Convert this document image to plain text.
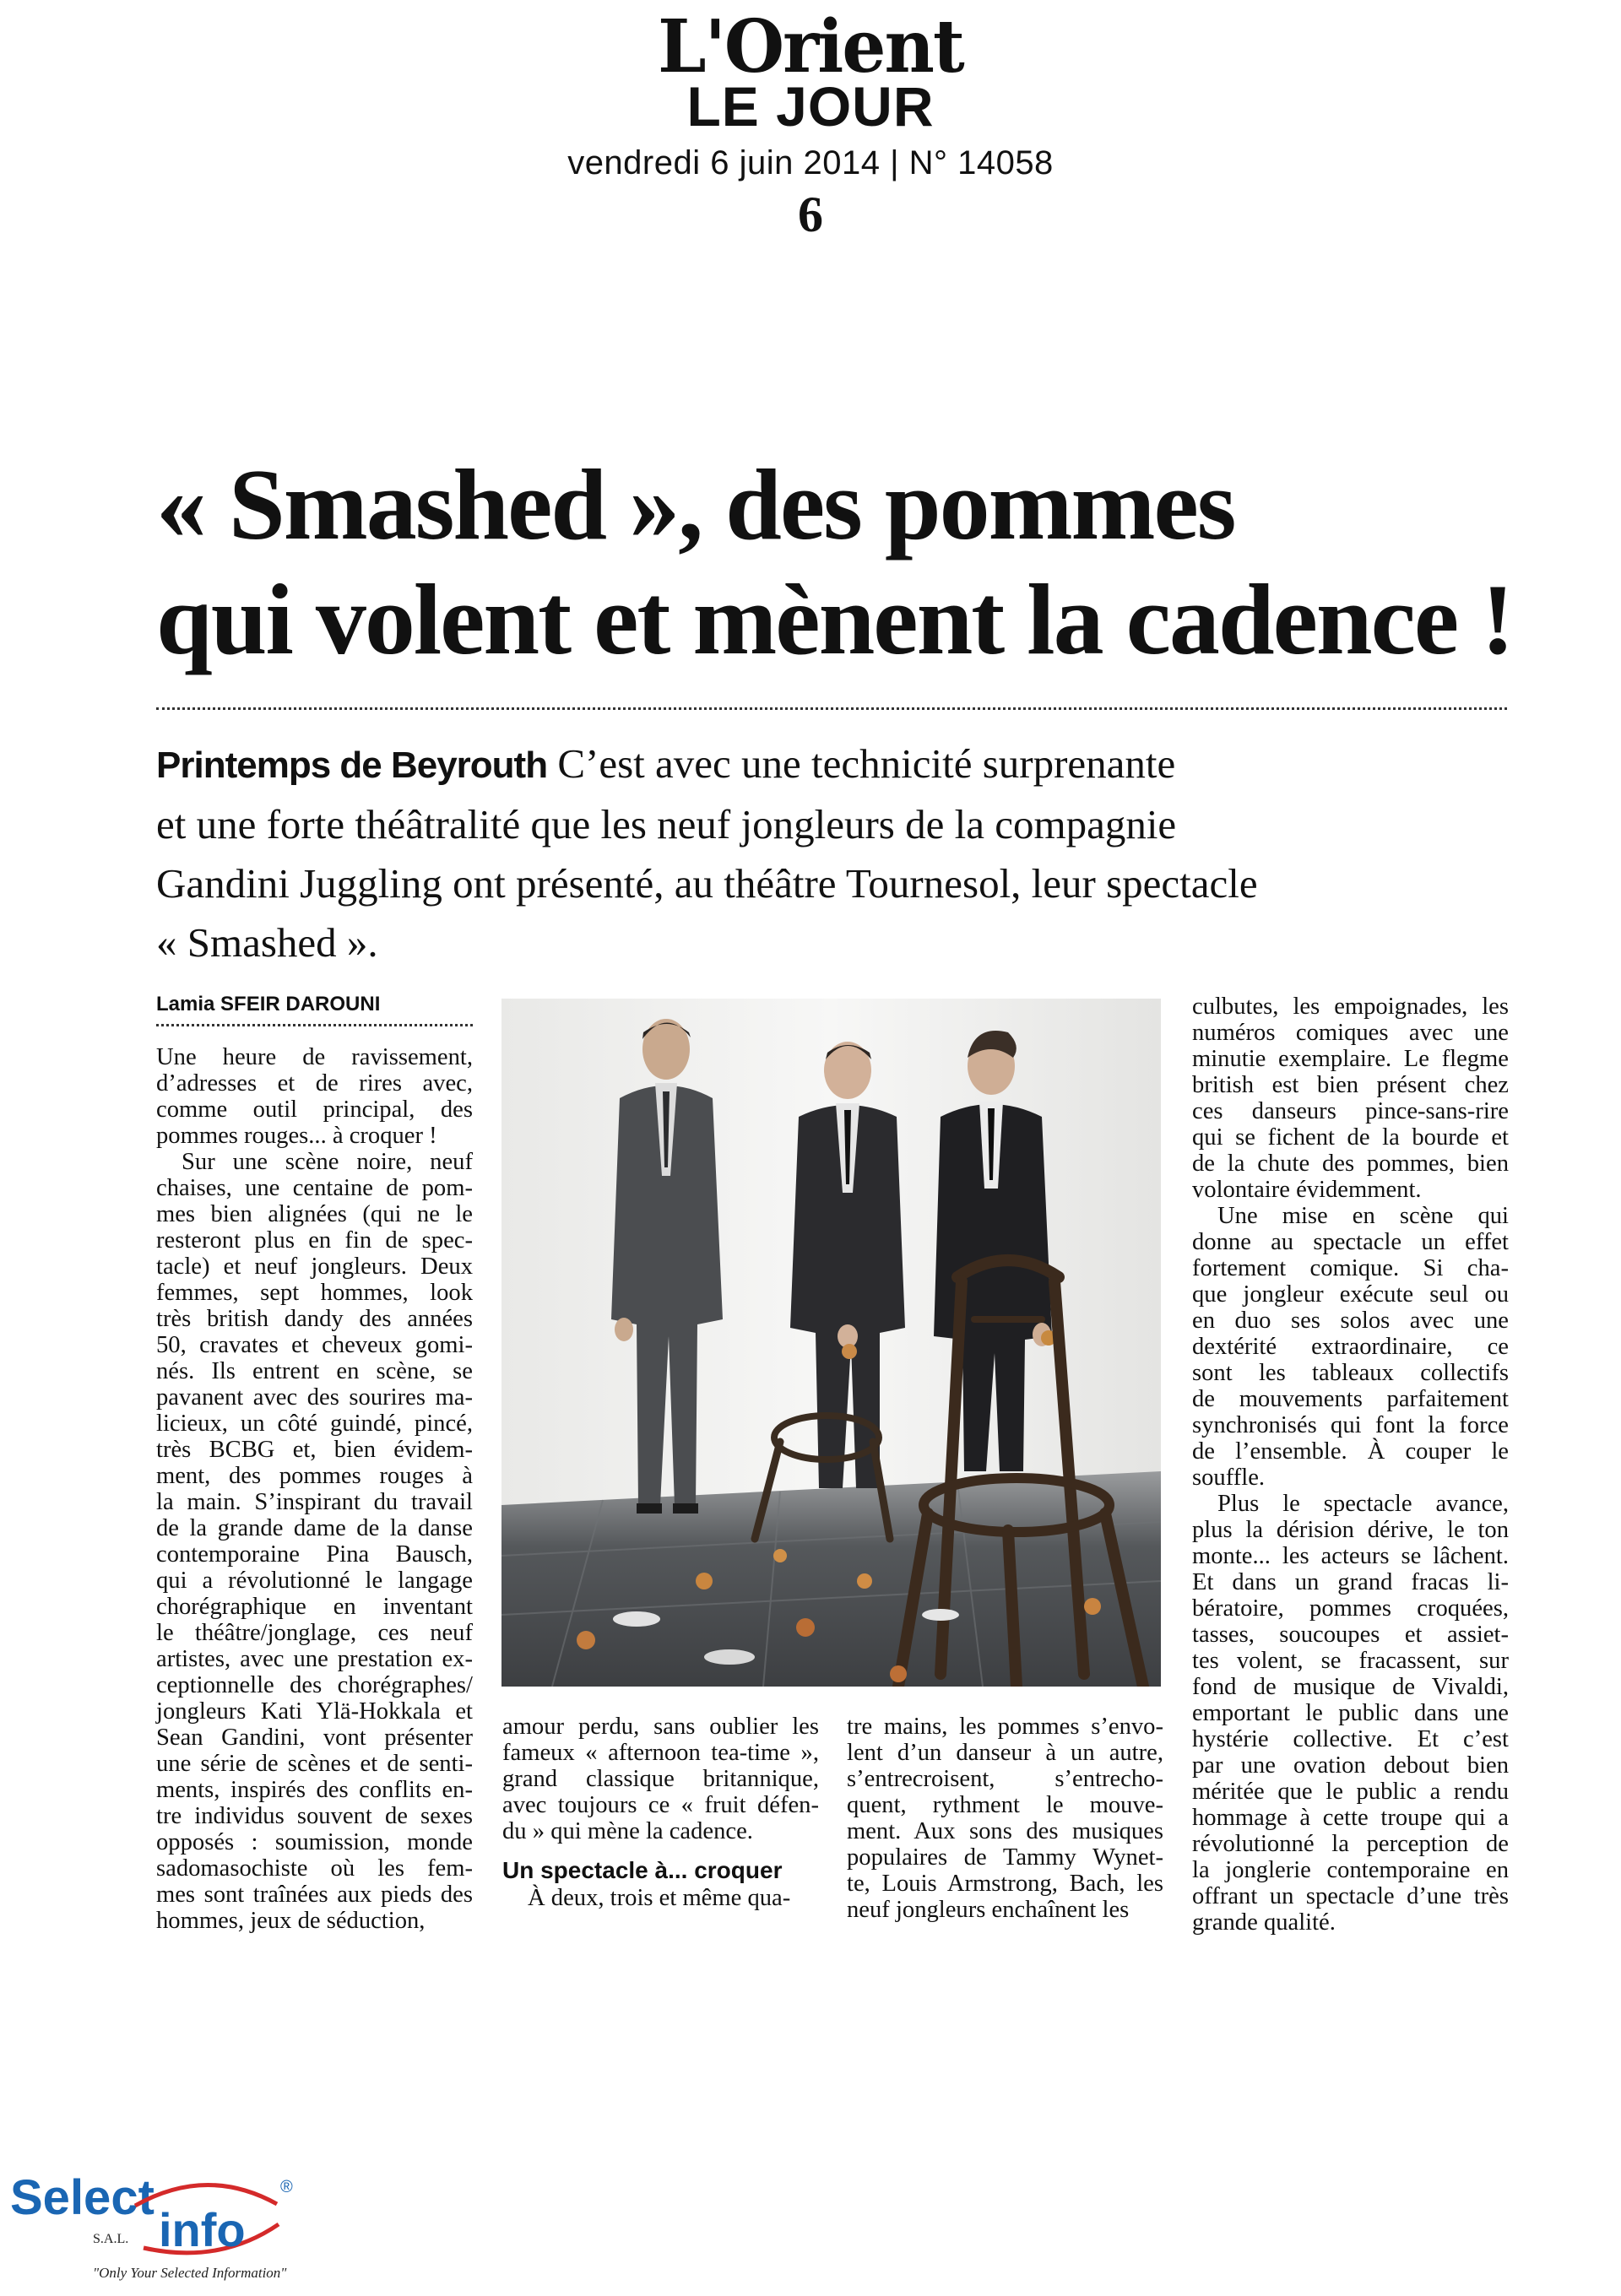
L'Orient
LE JOUR
vendredi 6 juin 2014 | N° 14058
6
« Smashed », des pommes
qui volent et mènent la cadence !
Printemps de Beyrouth C’est avec une technicité surprenante
et une forte théâtralité que les neuf jongleurs de la compagnie
Gandini Juggling ont présenté, au théâtre Tournesol, leur spectacle
« Smashed ».
Lamia SFEIR DAROUNI
Une heure de ravissement,
d’adresses et de rires avec,
comme outil principal, des
pommes rouges... à croquer !
Sur une scène noire, neuf
chaises, une centaine de pom-
mes bien alignées (qui ne le
resteront plus en fin de spec-
tacle) et neuf jongleurs. Deux
femmes, sept hommes, look
très british dandy des années
50, cravates et cheveux gomi-
nés. Ils entrent en scène, se
pavanent avec des sourires ma-
licieux, un côté guindé, pincé,
très BCBG et, bien évidem-
ment, des pommes rouges à
la main. S’inspirant du travail
de la grande dame de la danse
contemporaine Pina Bausch,
qui a révolutionné le langage
chorégraphique en inventant
le théâtre/jonglage, ces neuf
artistes, avec une prestation ex-
ceptionnelle des chorégraphes/
jongleurs Kati Ylä-Hokkala et
Sean Gandini, vont présenter
une série de scènes et de senti-
ments, inspirés des conflits en-
tre individus souvent de sexes
opposés : soumission, monde
sadomasochiste où les fem-
mes sont traînées aux pieds des
hommes, jeux de séduction,
amour perdu, sans oublier les
fameux « afternoon tea-time »,
grand classique britannique,
avec toujours ce « fruit défen-
du » qui mène la cadence.
Un spectacle à... croquer
À deux, trois et même qua-
tre mains, les pommes s’envo-
lent d’un danseur à un autre,
s’entrecroisent, s’entrecho-
quent, rythment le mouve-
ment. Aux sons des musiques
populaires de Tammy Wynet-
te, Louis Armstrong, Bach, les
neuf jongleurs enchaînent les
culbutes, les empoignades, les
numéros comiques avec une
minutie exemplaire. Le flegme
british est bien présent chez
ces danseurs pince-sans-rire
qui se fichent de la bourde et
de la chute des pommes, bien
volontaire évidemment.
Une mise en scène qui
donne au spectacle un effet
fortement comique. Si cha-
que jongleur exécute seul ou
en duo ses solos avec une
dextérité extraordinaire, ce
sont les tableaux collectifs
de mouvements parfaitement
synchronisés qui font la force
de l’ensemble. À couper le
souffle.
Plus le spectacle avance,
plus la dérision dérive, le ton
monte... les acteurs se lâchent.
Et dans un grand fracas li-
bératoire, pommes croquées,
tasses, soucoupes et assiet-
tes volent, se fracassent, sur
fond de musique de Vivaldi,
emportant le public dans une
hystérie collective. Et c’est
par une ovation debout bien
méritée que le public a rendu
hommage à cette troupe qui a
révolutionné la perception de
la jonglerie contemporaine en
offrant un spectacle d’une très
grande qualité.
Select
info
®
S.A.L.
"Only Your Selected Information"
